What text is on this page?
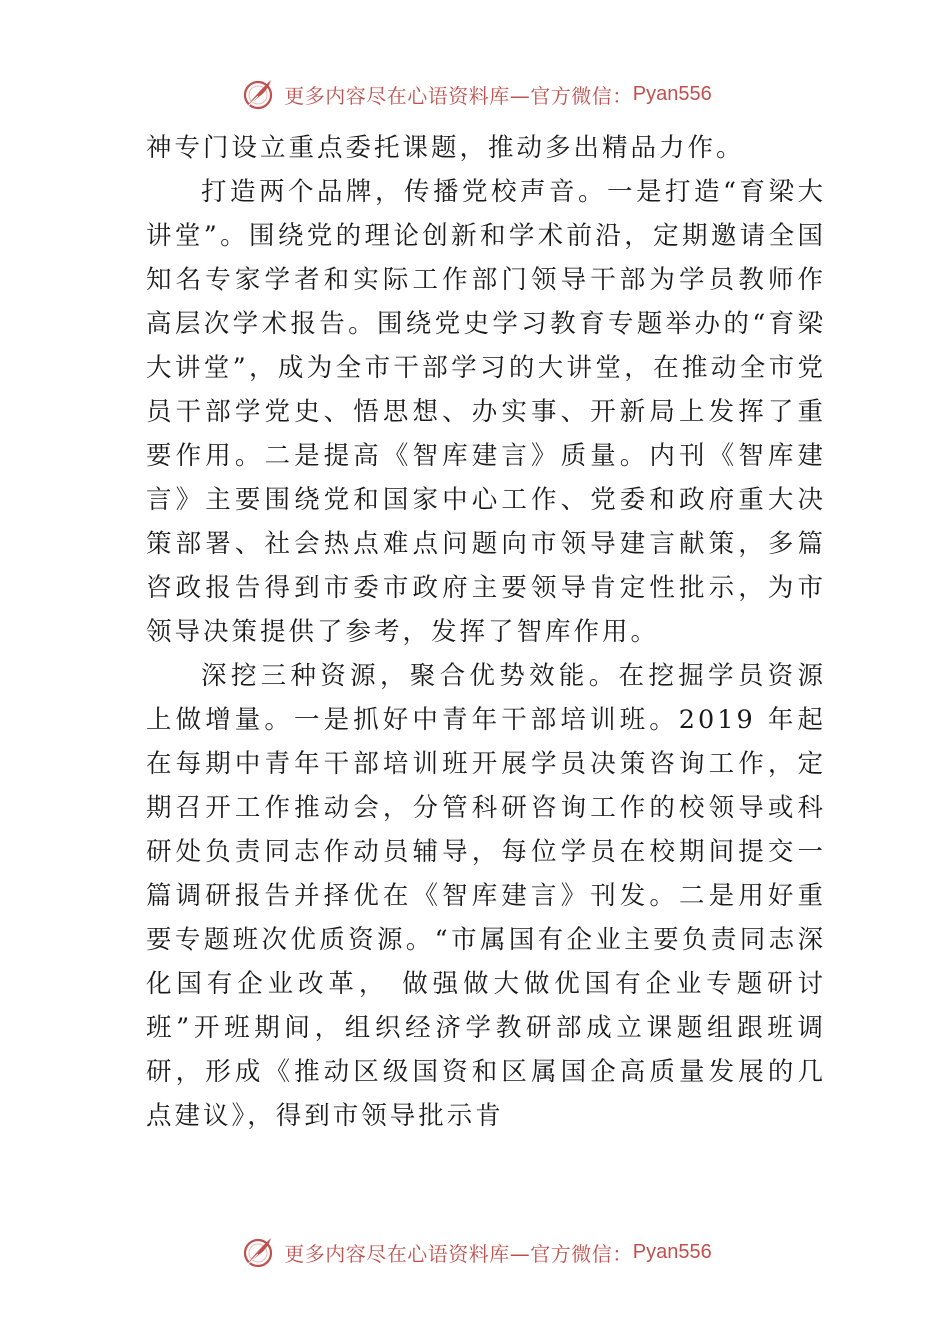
更多内容尽在心语资料库—官方微信： Pyan556

神专门设立重点委托课题，推动多出精品力作。

打造两个品牌，传播党校声音。一是打造“育梁大讲堂”。围绕党的理论创新和学术前沿，定期邀请全国知名专家学者和实际工作部门领导干部为学员教师作高层次学术报告。围绕党史学习教育专题举办的“育梁大讲堂”，成为全市干部学习的大讲堂，在推动全市党员干部学党史、悟思想、办实事、开新局上发挥了重要作用。二是提高《智库建言》质量。内刊《智库建言》主要围绕党和国家中心工作、党委和政府重大决策部署、社会热点难点问题向市领导建言献策，多篇咨政报告得到市委市政府主要领导肯定性批示，为市领导决策提供了参考，发挥了智库作用。

深挖三种资源，聚合优势效能。在挖掘学员资源上做增量。一是抓好中青年干部培训班。2019 年起在每期中青年干部培训班开展学员决策咨询工作，定期召开工作推动会，分管科研咨询工作的校领导或科研处负责同志作动员辅导，每位学员在校期间提交一篇调研报告并择优在《智库建言》刊发。二是用好重要专题班次优质资源。“市属国有企业主要负责同志深化国有企业改革， 做强做大做优国有企业专题研讨班”开班期间，组织经济学教研部成立课题组跟班调研，形成《推动区级国资和区属国企高质量发展的几点建议》，得到市领导批示肯

更多内容尽在心语资料库—官方微信： Pyan556
